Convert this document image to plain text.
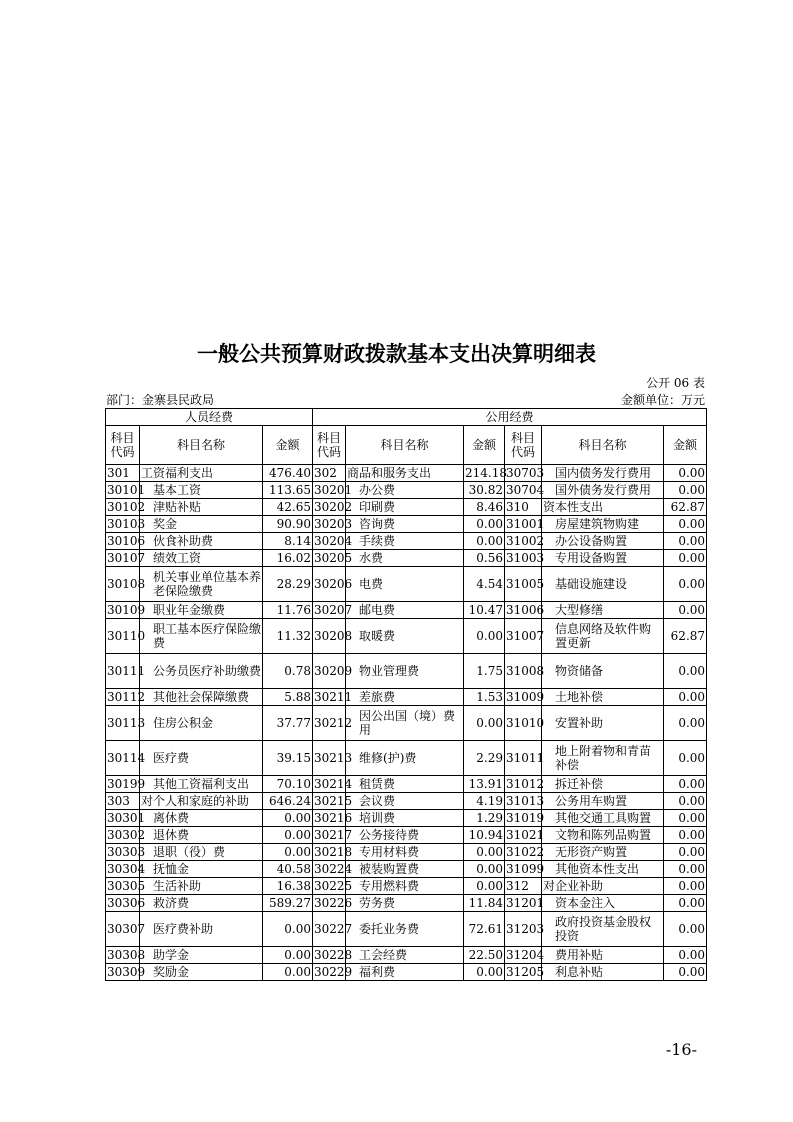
一般公共预算财政拨款基本支出决算明细表
公开 06 表
部门：金寨县民政局	金额单位：万元
人员经费			公用经费					
科目代码	科目名称	金额	科目代码	科目名称	金额	科目代码	科目名称	金额
301	工资福利支出	476.40	302	商品和服务支出	214.18	30703	国内债务发行费用	0.00
30101	基本工资	113.65	30201	办公费	30.82	30704	国外债务发行费用	0.00
30102	津贴补贴	42.65	30202	印刷费	8.46	310	资本性支出	62.87
30103	奖金	90.90	30203	咨询费	0.00	31001	房屋建筑物购建	0.00
30106	伙食补助费	8.14	30204	手续费	0.00	31002	办公设备购置	0.00
30107	绩效工资	16.02	30205	水费	0.56	31003	专用设备购置	0.00
30108	机关事业单位基本养老保险缴费	28.29	30206	电费	4.54	31005	基础设施建设	0.00
30109	职业年金缴费	11.76	30207	邮电费	10.47	31006	大型修缮	0.00
30110	职工基本医疗保险缴费	11.32	30208	取暖费	0.00	31007	信息网络及软件购置更新	62.87
30111	公务员医疗补助缴费	0.78	30209	物业管理费	1.75	31008	物资储备	0.00
30112	其他社会保障缴费	5.88	30211	差旅费	1.53	31009	土地补偿	0.00
30113	住房公积金	37.77	30212	因公出国（境）费用	0.00	31010	安置补助	0.00
30114	医疗费	39.15	30213	维修(护)费	2.29	31011	地上附着物和青苗补偿	0.00
30199	其他工资福利支出	70.10	30214	租赁费	13.91	31012	拆迁补偿	0.00
303	对个人和家庭的补助	646.24	30215	会议费	4.19	31013	公务用车购置	0.00
30301	离休费	0.00	30216	培训费	1.29	31019	其他交通工具购置	0.00
30302	退休费	0.00	30217	公务接待费	10.94	31021	文物和陈列品购置	0.00
30303	退职（役）费	0.00	30218	专用材料费	0.00	31022	无形资产购置	0.00
30304	抚恤金	40.58	30224	被装购置费	0.00	31099	其他资本性支出	0.00
30305	生活补助	16.38	30225	专用燃料费	0.00	312	对企业补助	0.00
30306	救济费	589.27	30226	劳务费	11.84	31201	资本金注入	0.00
30307	医疗费补助	0.00	30227	委托业务费	72.61	31203	政府投资基金股权投资	0.00
30308	助学金	0.00	30228	工会经费	22.50	31204	费用补贴	0.00
30309	奖励金	0.00	30229	福利费	0.00	31205	利息补贴	0.00
-16-
